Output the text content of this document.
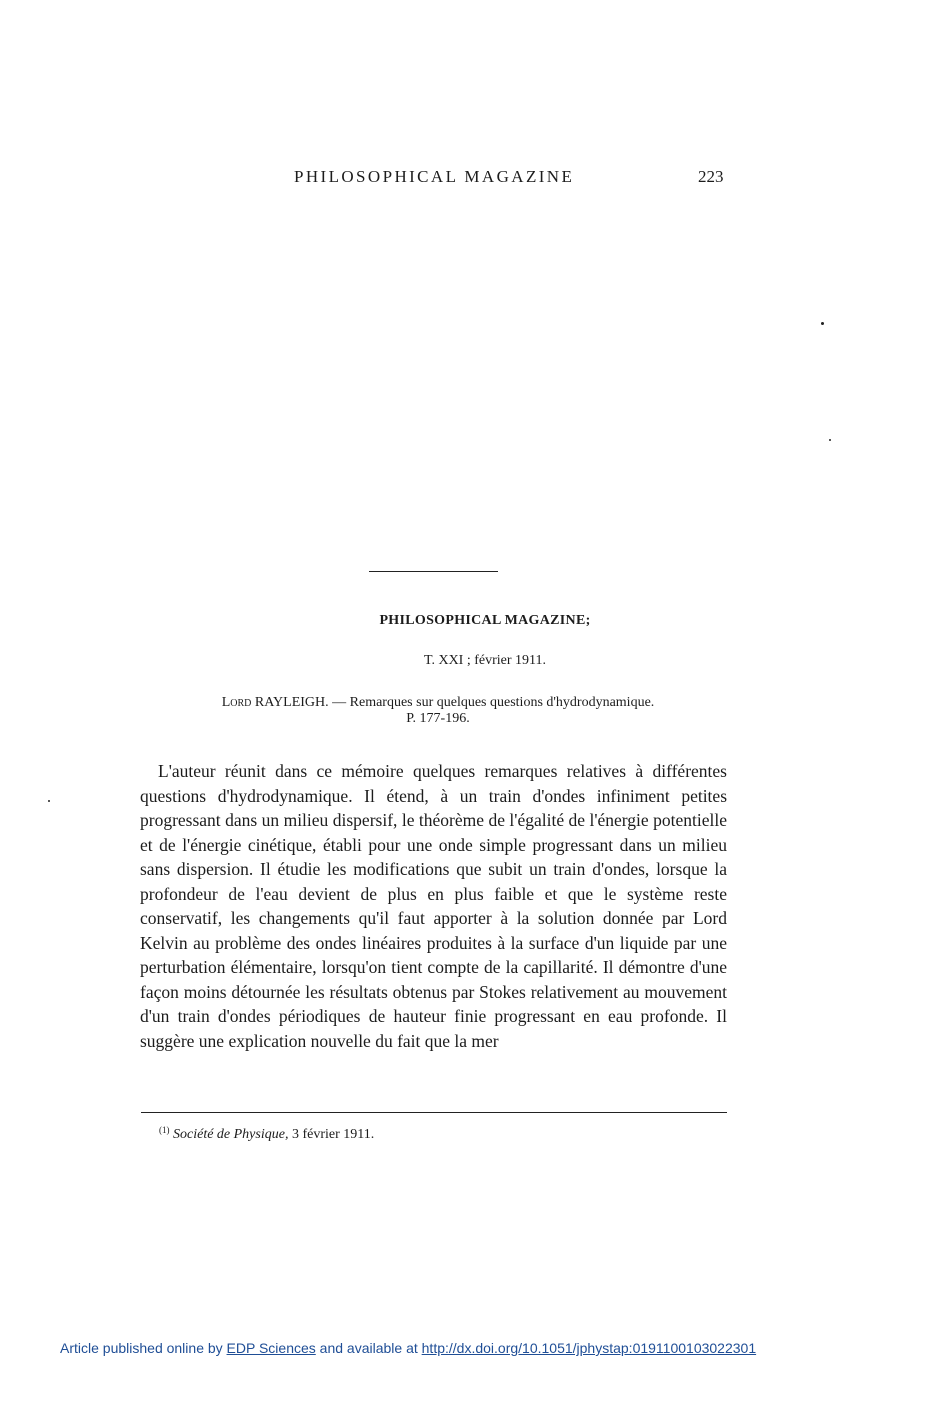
PHILOSOPHICAL MAGAZINE	223
PHILOSOPHICAL MAGAZINE;
T. XXI ; février 1911.
Lord RAYLEIGH. — Remarques sur quelques questions d'hydrodynamique.
P. 177-196.

L'auteur réunit dans ce mémoire quelques remarques relatives à différentes questions d'hydrodynamique. Il étend, à un train d'ondes infiniment petites progressant dans un milieu dispersif, le théorème de l'égalité de l'énergie potentielle et de l'énergie cinétique, établi pour une onde simple progressant dans un milieu sans dispersion. Il étudie les modifications que subit un train d'ondes, lorsque la profondeur de l'eau devient de plus en plus faible et que le système reste conservatif, les changements qu'il faut apporter à la solution donnée par Lord Kelvin au problème des ondes linéaires produites à la surface d'un liquide par une perturbation élémentaire, lorsqu'on tient compte de la capillarité. Il démontre d'une façon moins détournée les résultats obtenus par Stokes relativement au mouvement d'un train d'ondes périodiques de hauteur finie progressant en eau profonde. Il suggère une explication nouvelle du fait que la mer

$^{(1)}$ Société de Physique, 3 février 1911.
Article published online by EDP Sciences and available at http://dx.doi.org/10.1051/jphystap:0191100103022301
